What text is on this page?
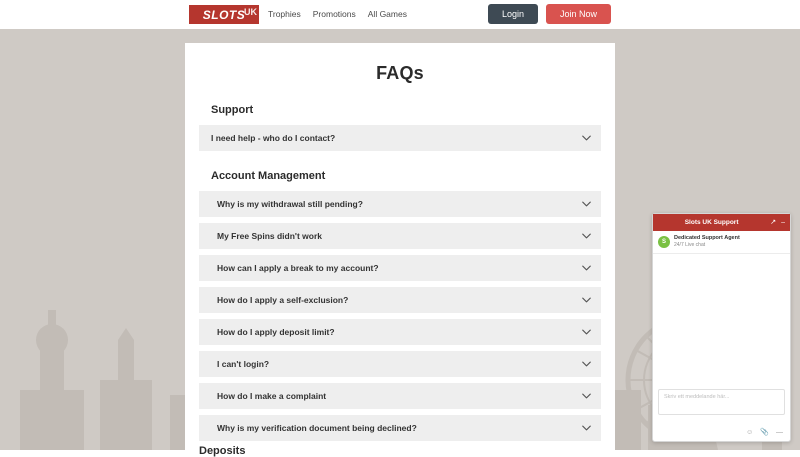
FAQs
Support
I need help - who do I contact?
Account Management
Why is my withdrawal still pending?
My Free Spins didn't work
How can I apply a break to my account?
How do I apply a self-exclusion?
How do I apply deposit limit?
I can't login?
How do I make a complaint
Why is my verification document being declined?
Deposits
SLOTS
UK Trophies Promotions All Games	Login	Join Now
Slots UK Support	↗ –
S
Dedicated Support Agent
24/7 Live chat
Skriv ett meddelande här...
☺ 📎 —
